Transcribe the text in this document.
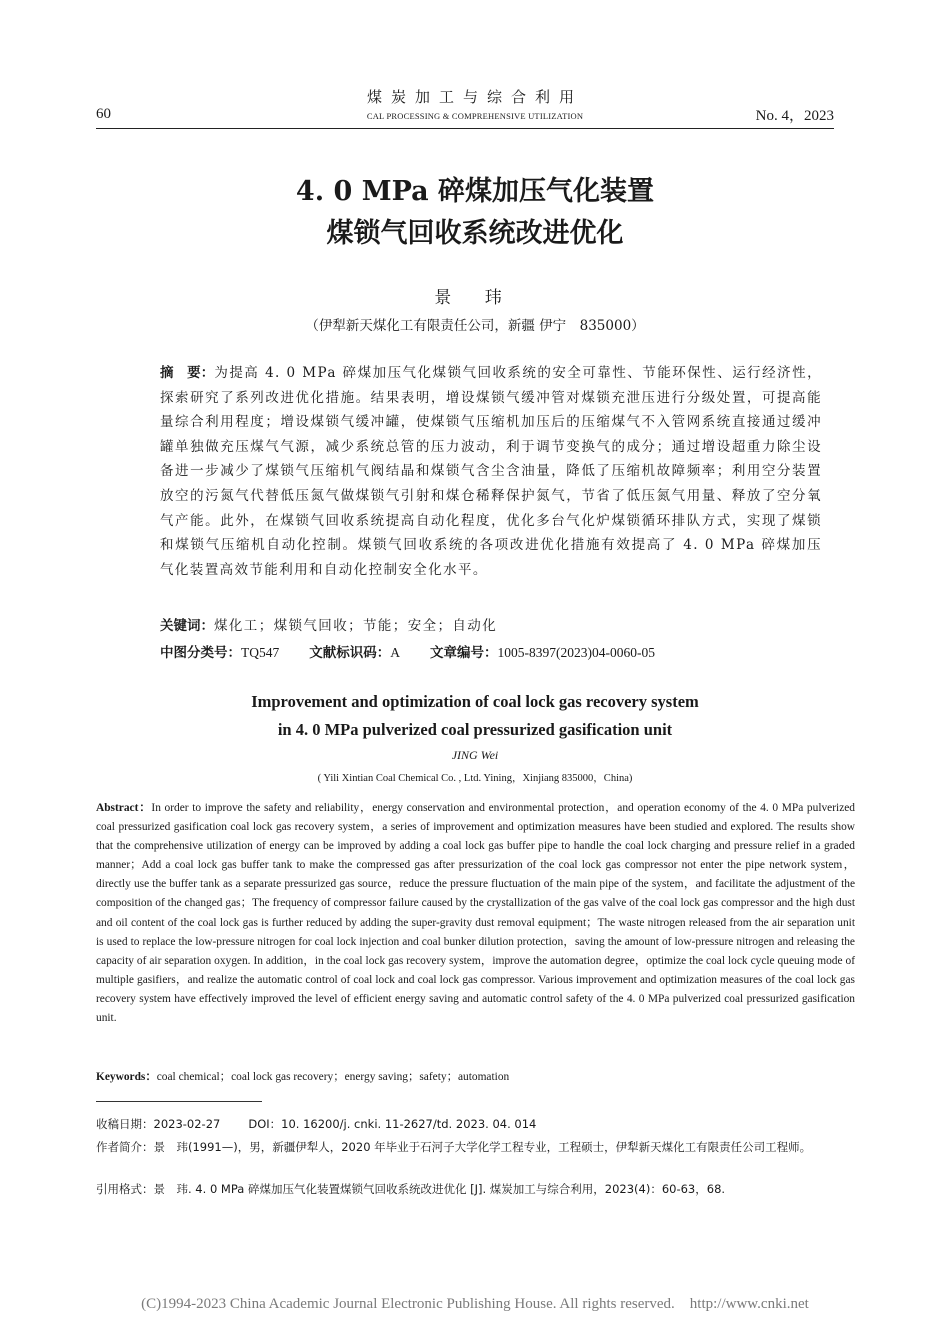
60
煤炭加工与综合利用
CAL PROCESSING & COMPREHENSIVE UTILIZATION	No. 4，2023
4. 0 MPa 碎煤加压气化装置
煤锁气回收系统改进优化
景 玮
（伊犁新天煤化工有限责任公司，新疆 伊宁　835000）
摘　要：为提高 4. 0 MPa 碎煤加压气化煤锁气回收系统的安全可靠性、节能环保性、运行经济性，探索研究了系列改进优化措施。结果表明，增设煤锁气缓冲管对煤锁充泄压进行分级处置，可提高能量综合利用程度；增设煤锁气缓冲罐，使煤锁气压缩机加压后的压缩煤气不入管网系统直接通过缓冲罐单独做充压煤气气源，减少系统总管的压力波动，利于调节变换气的成分；通过增设超重力除尘设备进一步减少了煤锁气压缩机气阀结晶和煤锁气含尘含油量，降低了压缩机故障频率；利用空分装置放空的污氮气代替低压氮气做煤锁气引射和煤仓稀释保护氮气，节省了低压氮气用量、释放了空分氧气产能。此外，在煤锁气回收系统提高自动化程度，优化多台气化炉煤锁循环排队方式，实现了煤锁和煤锁气压缩机自动化控制。煤锁气回收系统的各项改进优化措施有效提高了 4. 0 MPa 碎煤加压气化装置高效节能利用和自动化控制安全化水平。
关键词：煤化工；煤锁气回收；节能；安全；自动化
中图分类号：TQ547 文献标识码：A 文章编号：1005-8397(2023)04-0060-05
Improvement and optimization of coal lock gas recovery system
in 4. 0 MPa pulverized coal pressurized gasification unit
JING Wei
( Yili Xintian Coal Chemical Co. , Ltd. Yining，Xinjiang 835000，China)
Abstract：In order to improve the safety and reliability，energy conservation and environmental protection，and operation economy of the 4. 0 MPa pulverized coal pressurized gasification coal lock gas recovery system，a series of improvement and optimization measures have been studied and explored. The results show that the comprehensive utilization of energy can be improved by adding a coal lock gas buffer pipe to handle the coal lock charging and pressure relief in a graded manner；Add a coal lock gas buffer tank to make the compressed gas after pressurization of the coal lock gas compressor not enter the pipe network system，directly use the buffer tank as a separate pressurized gas source，reduce the pressure fluctuation of the main pipe of the system，and facilitate the adjustment of the composition of the changed gas；The frequency of compressor failure caused by the crystallization of the gas valve of the coal lock gas compressor and the high dust and oil content of the coal lock gas is further reduced by adding the super-gravity dust removal equipment；The waste nitrogen released from the air separation unit is used to replace the low-pressure nitrogen for coal lock injection and coal bunker dilution protection，saving the amount of low-pressure nitrogen and releasing the capacity of air separation oxygen. In addition，in the coal lock gas recovery system，improve the automation degree，optimize the coal lock cycle queuing mode of multiple gasifiers，and realize the automatic control of coal lock and coal lock gas compressor. Various improvement and optimization measures of the coal lock gas recovery system have effectively improved the level of efficient energy saving and automatic control safety of the 4. 0 MPa pulverized coal pressurized gasification unit.
Keywords：coal chemical；coal lock gas recovery；energy saving；safety；automation
收稿日期：2023-02-27 DOI：10. 16200/j. cnki. 11-2627/td. 2023. 04. 014
作者简介：景　玮(1991—)，男，新疆伊犁人，2020 年毕业于石河子大学化学工程专业，工程硕士，伊犁新天煤化工有限责任公司工程师。
引用格式：景　玮. 4. 0 MPa 碎煤加压气化装置煤锁气回收系统改进优化 [J]. 煤炭加工与综合利用，2023(4)：60-63，68.
(C)1994-2023 China Academic Journal Electronic Publishing House. All rights reserved.    http://www.cnki.net
